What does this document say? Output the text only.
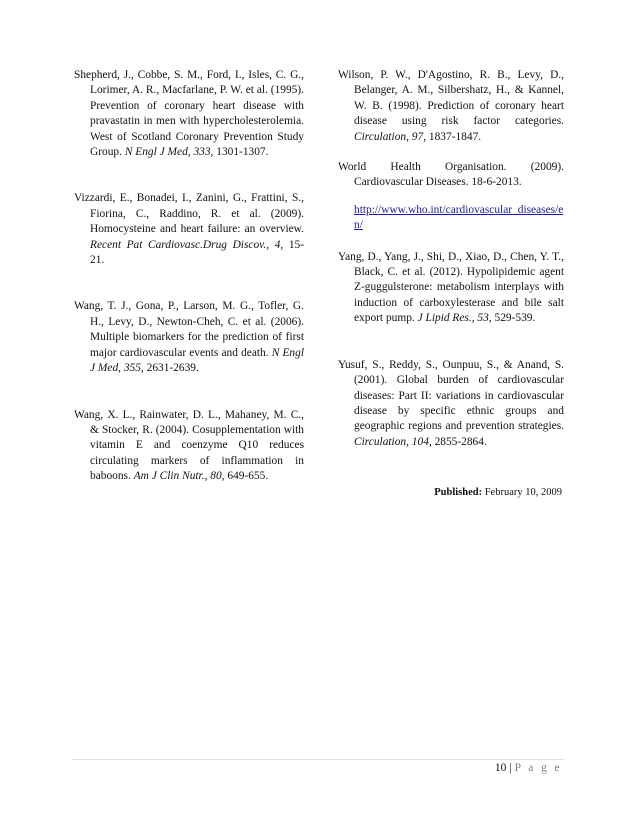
Shepherd, J., Cobbe, S. M., Ford, I., Isles, C. G., Lorimer, A. R., Macfarlane, P. W. et al. (1995). Prevention of coronary heart disease with pravastatin in men with hypercholesterolemia. West of Scotland Coronary Prevention Study Group. N Engl J Med, 333, 1301-1307.

Vizzardi, E., Bonadei, I., Zanini, G., Frattini, S., Fiorina, C., Raddino, R. et al. (2009). Homocysteine and heart failure: an overview. Recent Pat Cardiovasc.Drug Discov., 4, 15-21.

Wang, T. J., Gona, P., Larson, M. G., Tofler, G. H., Levy, D., Newton-Cheh, C. et al. (2006). Multiple biomarkers for the prediction of first major cardiovascular events and death. N Engl J Med, 355, 2631-2639.

Wang, X. L., Rainwater, D. L., Mahaney, M. C., & Stocker, R. (2004). Cosupplementation with vitamin E and coenzyme Q10 reduces circulating markers of inflammation in baboons. Am J Clin Nutr., 80, 649-655.

Wilson, P. W., D'Agostino, R. B., Levy, D., Belanger, A. M., Silbershatz, H., & Kannel, W. B. (1998). Prediction of coronary heart disease using risk factor categories. Circulation, 97, 1837-1847.

World Health Organisation. (2009). Cardiovascular Diseases. 18-6-2013.

http://www.who.int/cardiovascular_diseases/en/

Yang, D., Yang, J., Shi, D., Xiao, D., Chen, Y. T., Black, C. et al. (2012). Hypolipidemic agent Z-guggulsterone: metabolism interplays with induction of carboxylesterase and bile salt export pump. J Lipid Res., 53, 529-539.

Yusuf, S., Reddy, S., Ounpuu, S., & Anand, S. (2001). Global burden of cardiovascular diseases: Part II: variations in cardiovascular disease by specific ethnic groups and geographic regions and prevention strategies. Circulation, 104, 2855-2864.

Published: February 10, 2009
10 | P a g e
